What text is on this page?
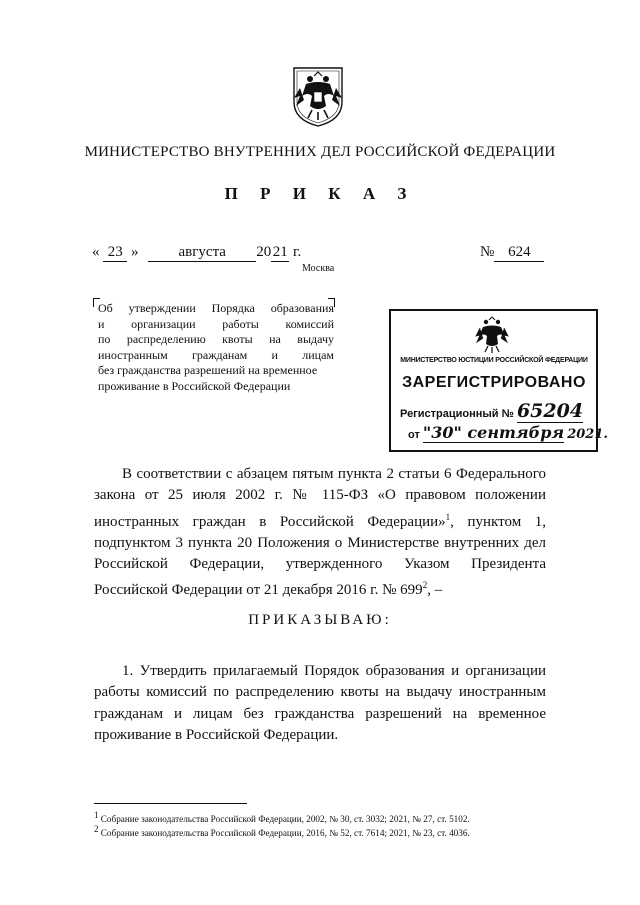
МИНИСТЕРСТВО ВНУТРЕННИХ ДЕЛ РОССИЙСКОЙ ФЕДЕРАЦИИ
П Р И К А З
« 23 »	августа 20 21 г.	№ 624
Москва

Об утверждении Порядка образования

и организации работы комиссий

по распределению квоты на выдачу

иностранным гражданам и лицам

без гражданства разрешений на временное

проживание в Российской Федерации

МИНИСТЕРСТВО ЮСТИЦИИ РОССИЙСКОЙ ФЕДЕРАЦИИ
ЗАРЕГИСТРИРОВАНО
Регистрационный № 65204
от "30" сентября 2021.

В соответствии с абзацем пятым пункта 2 статьи 6 Федерального закона от 25 июля 2002 г. № 115-ФЗ «О правовом положении иностранных граждан в Российской Федерации»$^1$, пунктом 1, подпунктом 3 пункта 20 Положения о Министерстве внутренних дел Российской Федерации, утвержденного Указом Президента Российской Федерации от 21 декабря 2016 г. № $699^2$, –

ПРИКАЗЫВАЮ:

1. Утвердить прилагаемый Порядок образования и организации работы комиссий по распределению квоты на выдачу иностранным гражданам и лицам без гражданства разрешений на временное проживание в Российской Федерации.

$^1$ Собрание законодательства Российской Федерации, 2002, № 30, ст. 3032; 2021, № 27, ст. 5102.
$^2$ Собрание законодательства Российской Федерации, 2016, № 52, ст. 7614; 2021, № 23, ст. 4036.
